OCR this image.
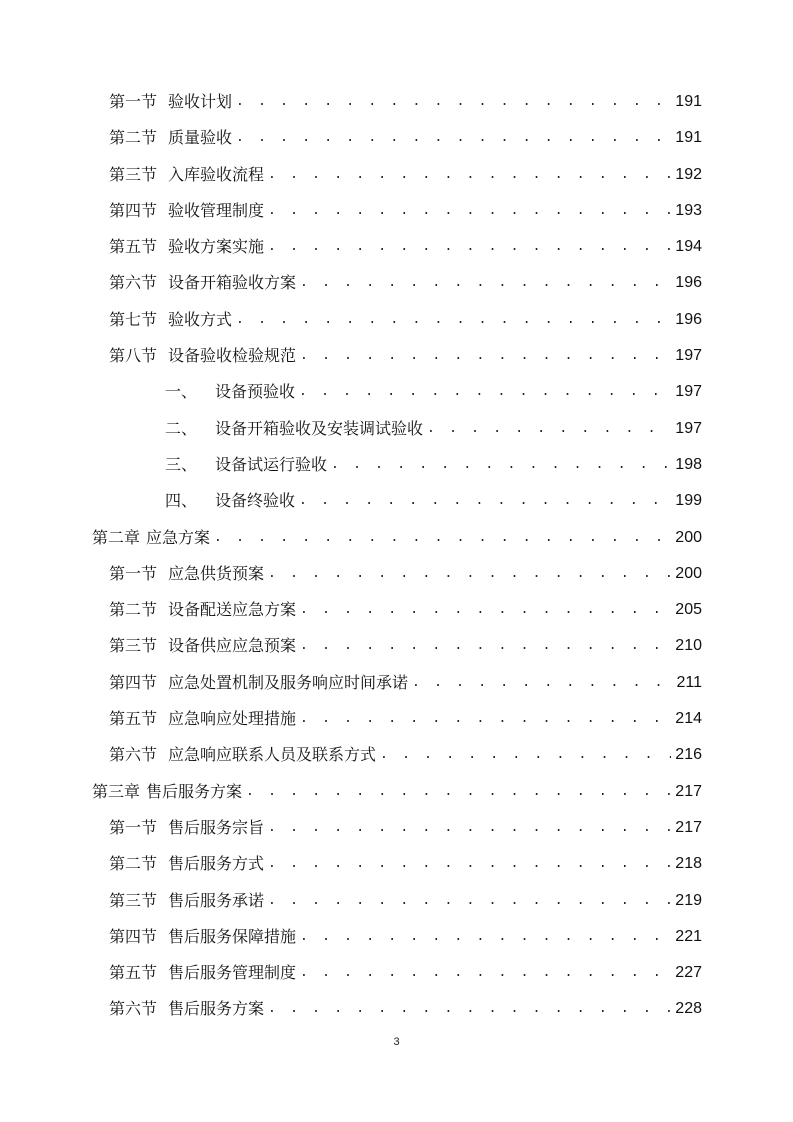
第一节 验收计划 . . .	191
第二节 质量验收 . . .	191
第三节 入库验收流程 . . .	192
第四节 验收管理制度 . . .	193
第五节 验收方案实施 . . .	194
第六节 设备开箱验收方案 . . .	196
第七节 验收方式 . . .	196
第八节 设备验收检验规范 . . .	197
一、 设备预验收 . . .	197
二、 设备开箱验收及安装调试验收 . . .	197
三、 设备试运行验收 . . .	198
四、 设备终验收 . . .	199
第二章 应急方案 . . .	200
第一节 应急供货预案 . . .	200
第二节 设备配送应急方案 . . .	205
第三节 设备供应应急预案 . . .	210
第四节 应急处置机制及服务响应时间承诺 . . .	211
第五节 应急响应处理措施 . . .	214
第六节 应急响应联系人员及联系方式 . . .	216
第三章 售后服务方案 . . .	217
第一节 售后服务宗旨 . . .	217
第二节 售后服务方式 . . .	218
第三节 售后服务承诺 . . .	219
第四节 售后服务保障措施 . . .	221
第五节 售后服务管理制度 . . .	227
第六节 售后服务方案 . . .	228
3
